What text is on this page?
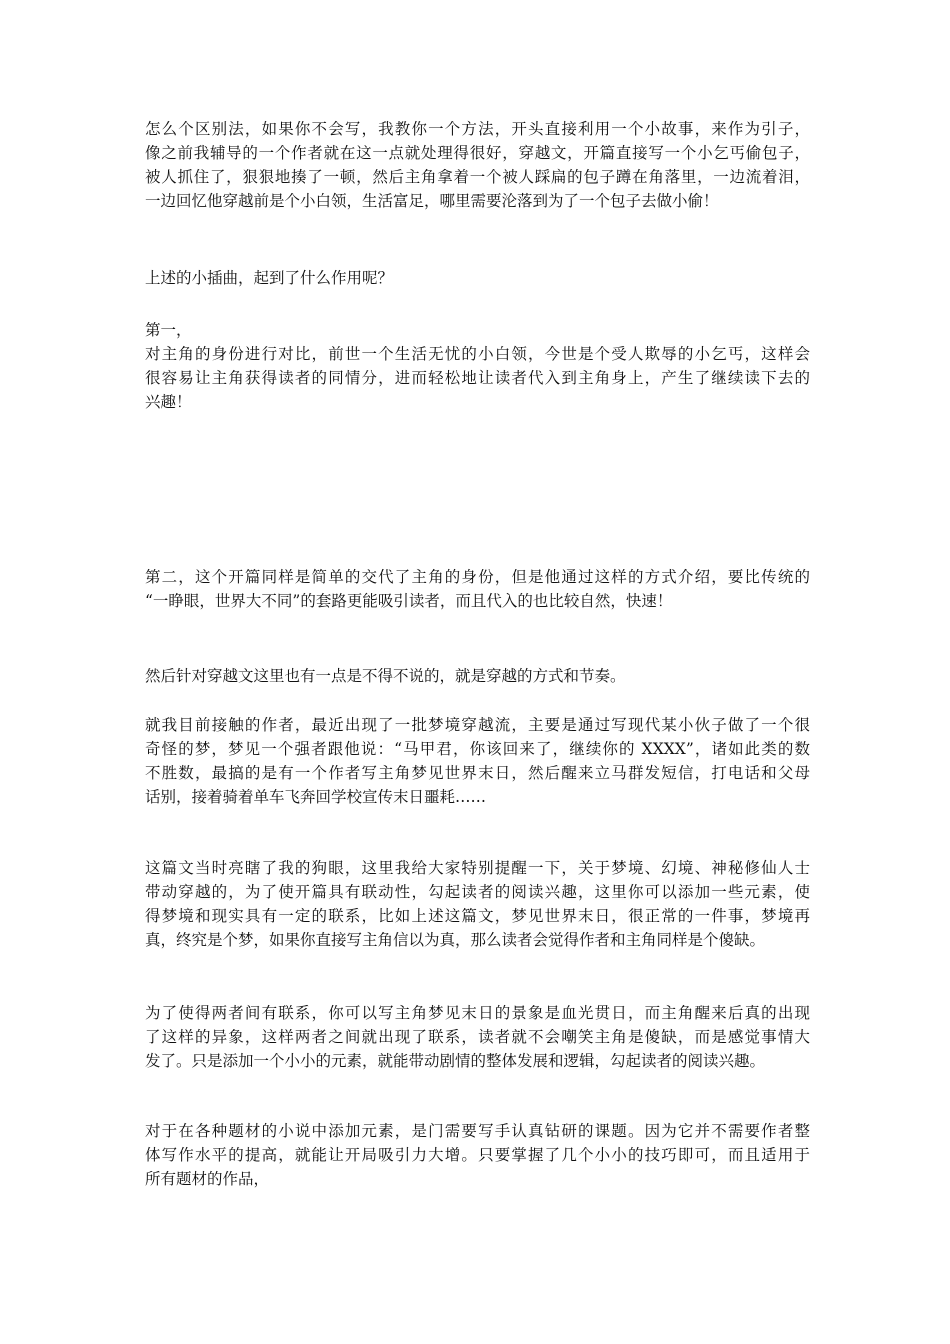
怎么个区别法，如果你不会写，我教你一个方法，开头直接利用一个小故事，来作为引子，
像之前我辅导的一个作者就在这一点就处理得很好，穿越文，开篇直接写一个小乞丐偷包子，
被人抓住了，狠狠地揍了一顿，然后主角拿着一个被人踩扁的包子蹲在角落里，一边流着泪，
一边回忆他穿越前是个小白领，生活富足，哪里需要沦落到为了一个包子去做小偷！
上述的小插曲，起到了什么作用呢？
第一，
对主角的身份进行对比，前世一个生活无忧的小白领，今世是个受人欺辱的小乞丐，这样会
很容易让主角获得读者的同情分，进而轻松地让读者代入到主角身上，产生了继续读下去的
兴趣！
第二，这个开篇同样是简单的交代了主角的身份，但是他通过这样的方式介绍，要比传统的
“一睁眼，世界大不同”的套路更能吸引读者，而且代入的也比较自然，快速！
然后针对穿越文这里也有一点是不得不说的，就是穿越的方式和节奏。
就我目前接触的作者，最近出现了一批梦境穿越流，主要是通过写现代某小伙子做了一个很
奇怪的梦，梦见一个强者跟他说：“马甲君，你该回来了，继续你的 XXXX”，诸如此类的数
不胜数，最搞的是有一个作者写主角梦见世界末日，然后醒来立马群发短信，打电话和父母
话别，接着骑着单车飞奔回学校宣传末日噩耗……
这篇文当时亮瞎了我的狗眼，这里我给大家特别提醒一下，关于梦境、幻境、神秘修仙人士
带动穿越的，为了使开篇具有联动性，勾起读者的阅读兴趣，这里你可以添加一些元素，使
得梦境和现实具有一定的联系，比如上述这篇文，梦见世界末日，很正常的一件事，梦境再
真，终究是个梦，如果你直接写主角信以为真，那么读者会觉得作者和主角同样是个傻缺。
为了使得两者间有联系，你可以写主角梦见末日的景象是血光贯日，而主角醒来后真的出现
了这样的异象，这样两者之间就出现了联系，读者就不会嘲笑主角是傻缺，而是感觉事情大
发了。只是添加一个小小的元素，就能带动剧情的整体发展和逻辑，勾起读者的阅读兴趣。
对于在各种题材的小说中添加元素，是门需要写手认真钻研的课题。因为它并不需要作者整
体写作水平的提高，就能让开局吸引力大增。只要掌握了几个小小的技巧即可，而且适用于
所有题材的作品，
